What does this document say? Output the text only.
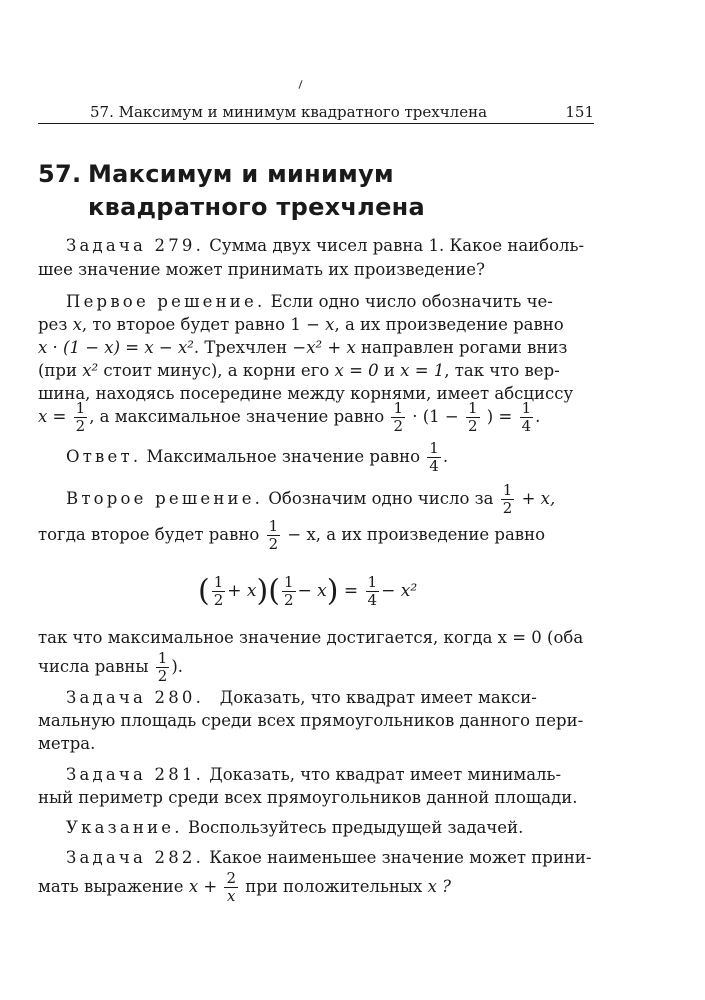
57. Максимум и минимум квадратного трехчлена	151
57. Максимум и минимум
квадратного трехчлена
Задача 279. Сумма двух чисел равна 1. Какое наиболь-
шее значение может принимать их произведение?
Первое решение. Если одно число обозначить че-
рез x, то второе будет равно 1 − x, а их произведение равно
x · (1 − x) = x − x². Трехчлен −x² + x направлен рогами вниз
(при x² стоит минус), а корни его x = 0 и x = 1, так что вер-
шина, находясь посередине между корнями, имеет абсциссу
$x = \frac{1}{2}$ , а максимальное значение равно $\frac{1}{2} \cdot (1 - \frac{1}{2}$ ) = $\frac{1}{4}$ .
Ответ. Максимальное значение равно $\frac{1}{4}$ .
Второе решение. Обозначим одно число за $\frac{1}{2} + x$,
тогда второе будет равно $\frac{1}{2} - x$, а их произведение равно
( $\frac{1}{2} + x)( \frac{1}{2} - x) = \frac{1}{4} - x^2$
так что максимальное значение достигается, когда x = 0 (оба
числа равны $\frac{1}{2}$ ).
Задача 280. Доказать, что квадрат имеет макси-
мальную площадь среди всех прямоугольников данного пери-
метра.
Задача 281. Доказать, что квадрат имеет минималь-
ный периметр среди всех прямоугольников данной площади.
Указание. Воспользуйтесь предыдущей задачей.
Задача 282. Какое наименьшее значение может прини-
мать выражение $x + \frac{2}{x}$ при положительных x ?
